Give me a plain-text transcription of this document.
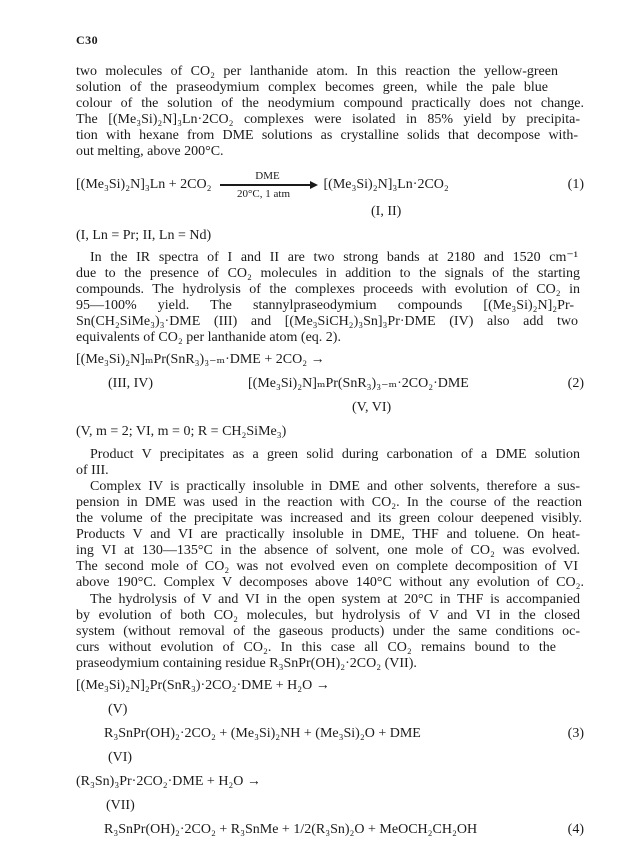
C30
two molecules of CO₂ per lanthanide atom. In this reaction the yellow-green
solution of the praseodymium complex becomes green, while the pale blue
colour of the solution of the neodymium compound practically does not change.
The [(Me₃Si)₂N]₃Ln·2CO₂ complexes were isolated in 85% yield by precipita-
tion with hexane from DME solutions as crystalline solids that decompose with-
out melting, above 200°C.
[(Me₃Si)₂N]₃Ln + 2CO₂
DME
20°C, 1 atm
[(Me₃Si)₂N]₃Ln·2CO₂
(I, II)
(1)
(I, Ln = Pr; II, Ln = Nd)
In the IR spectra of I and II are two strong bands at 2180 and 1520 cm⁻¹
due to the presence of CO₂ molecules in addition to the signals of the starting
compounds. The hydrolysis of the complexes proceeds with evolution of CO₂ in
95—100% yield. The stannylpraseodymium compounds [(Me₃Si)₂N]₂Pr-
Sn(CH₂SiMe₃)₃·DME (III) and [(Me₃SiCH₂)₃Sn]₃Pr·DME (IV) also add two
equivalents of CO₂ per lanthanide atom (eq. 2).
[(Me₃Si)₂N]ₘPr(SnR₃)₃₋ₘ·DME + 2CO₂ →
(III, IV)	[(Me₃Si)₂N]ₘPr(SnR₃)₃₋ₘ·2CO₂·DME	(2)
(V, VI)
(V, m = 2; VI, m = 0; R = CH₂SiMe₃)
Product V precipitates as a green solid during carbonation of a DME solution
of III.
Complex IV is practically insoluble in DME and other solvents, therefore a sus-
pension in DME was used in the reaction with CO₂. In the course of the reaction
the volume of the precipitate was increased and its green colour deepened visibly.
Products V and VI are practically insoluble in DME, THF and toluene. On heat-
ing VI at 130—135°C in the absence of solvent, one mole of CO₂ was evolved.
The second mole of CO₂ was not evolved even on complete decomposition of VI
above 190°C. Complex V decomposes above 140°C without any evolution of CO₂.
The hydrolysis of V and VI in the open system at 20°C in THF is accompanied
by evolution of both CO₂ molecules, but hydrolysis of V and VI in the closed
system (without removal of the gaseous products) under the same conditions oc-
curs without evolution of CO₂. In this case all CO₂ remains bound to the
praseodymium containing residue R₃SnPr(OH)₂·2CO₂ (VII).
[(Me₃Si)₂N]₂Pr(SnR₃)·2CO₂·DME + H₂O →
(V)
R₃SnPr(OH)₂·2CO₂ + (Me₃Si)₂NH + (Me₃Si)₂O + DME	(3)
(VI)
(R₃Sn)₃Pr·2CO₂·DME + H₂O →
(VII)
R₃SnPr(OH)₂·2CO₂ + R₃SnMe + 1/2(R₃Sn)₂O + MeOCH₂CH₂OH	(4)
